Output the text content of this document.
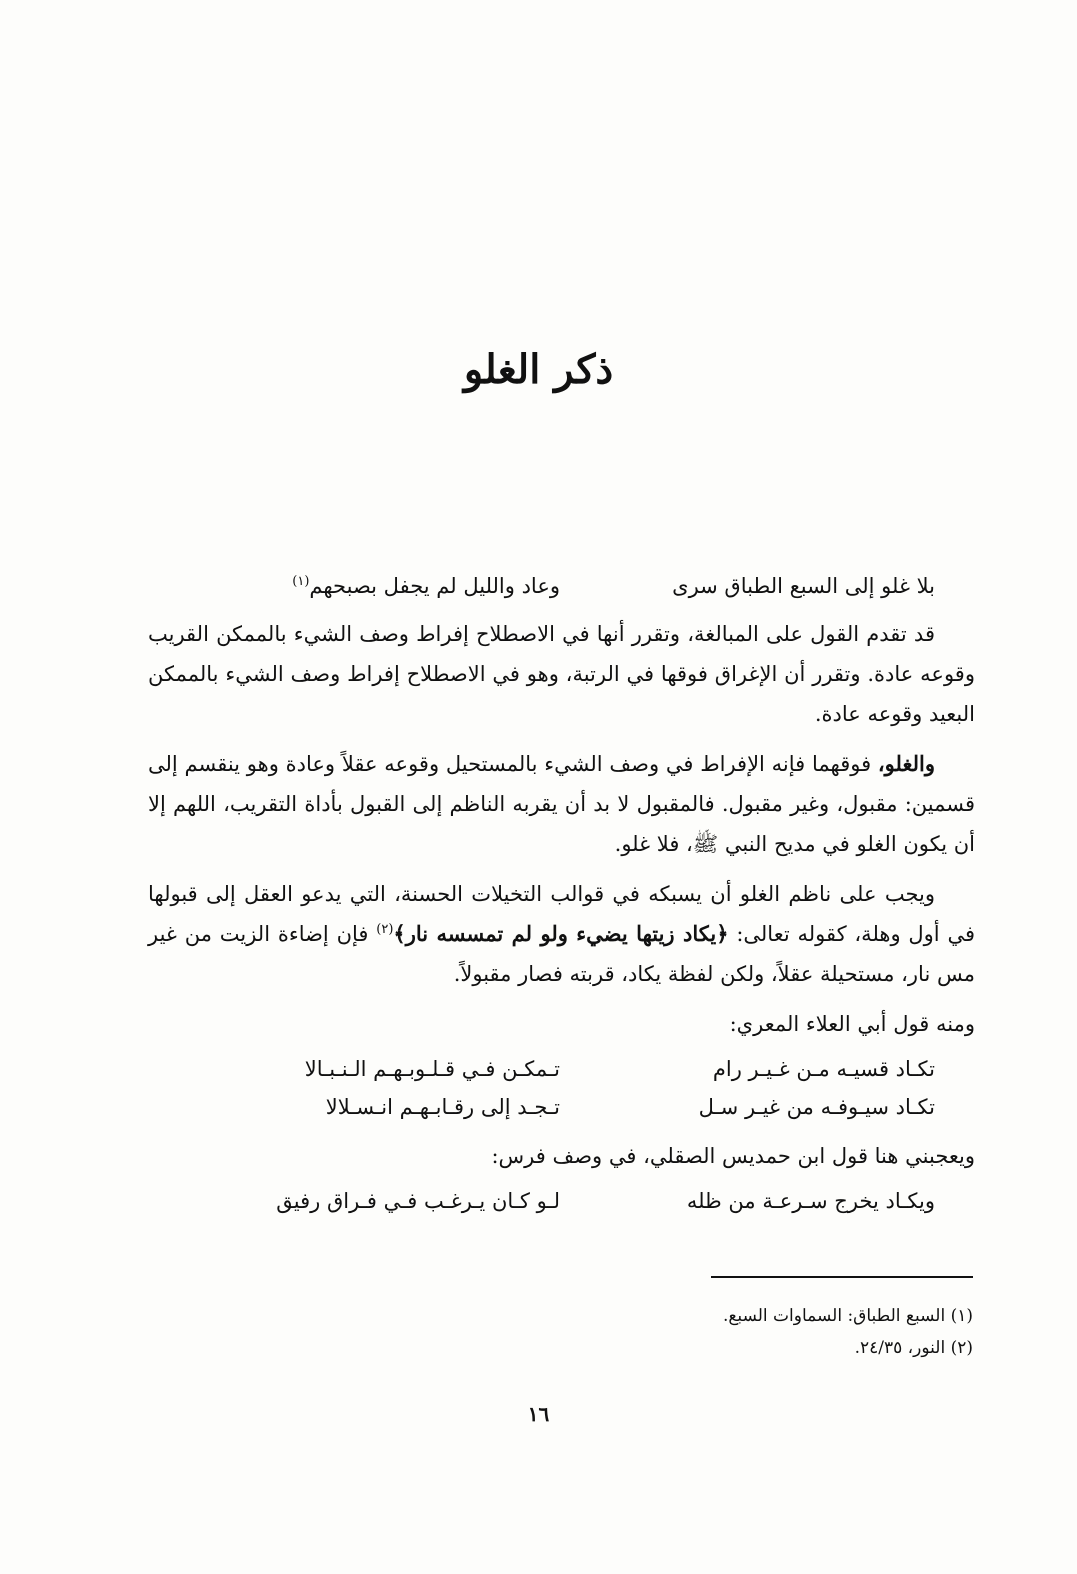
ذكر الغلو
بلا غلو إلى السبع الطباق سرى
وعاد والليل لم يجفل بصبحهم$^{(١)}$

قد تقدم القول على المبالغة، وتقرر أنها في الاصطلاح إفراط وصف الشيء بالممكن القريب وقوعه عادة. وتقرر أن الإغراق فوقها في الرتبة، وهو في الاصطلاح إفراط وصف الشيء بالممكن البعيد وقوعه عادة.

والغلو، فوقهما فإنه الإفراط في وصف الشيء بالمستحيل وقوعه عقلاً وعادة وهو ينقسم إلى قسمين: مقبول، وغير مقبول. فالمقبول لا بد أن يقربه الناظم إلى القبول بأداة التقريب، اللهم إلا أن يكون الغلو في مديح النبي ﷺ، فلا غلو.

ويجب على ناظم الغلو أن يسبكه في قوالب التخيلات الحسنة، التي يدعو العقل إلى قبولها في أول وهلة، كقوله تعالى: ﴿يكاد زيتها يضيء ولو لم تمسسه نار﴾$^{(٢)}$ فإن إضاءة الزيت من غير مس نار، مستحيلة عقلاً، ولكن لفظة يكاد، قربته فصار مقبولاً.

ومنه قول أبي العلاء المعري:

تكـاد قسيـه مـن غـيـر رام
تـمكـن فـي قـلـوبـهـم الـنـبـالا
تكـاد سيـوفـه من غيـر سـل
تـجـد إلى رقـابـهـم انـسـلالا

ويعجبني هنا قول ابن حمديس الصقلي، في وصف فرس:

ويكـاد يخرج سـرعـة من ظله
لـو كـان يـرغـب فـي فـراق رفيق
(١) السبع الطباق: السماوات السبع.
(٢) النور، ٢٤/٣٥.
١٦
